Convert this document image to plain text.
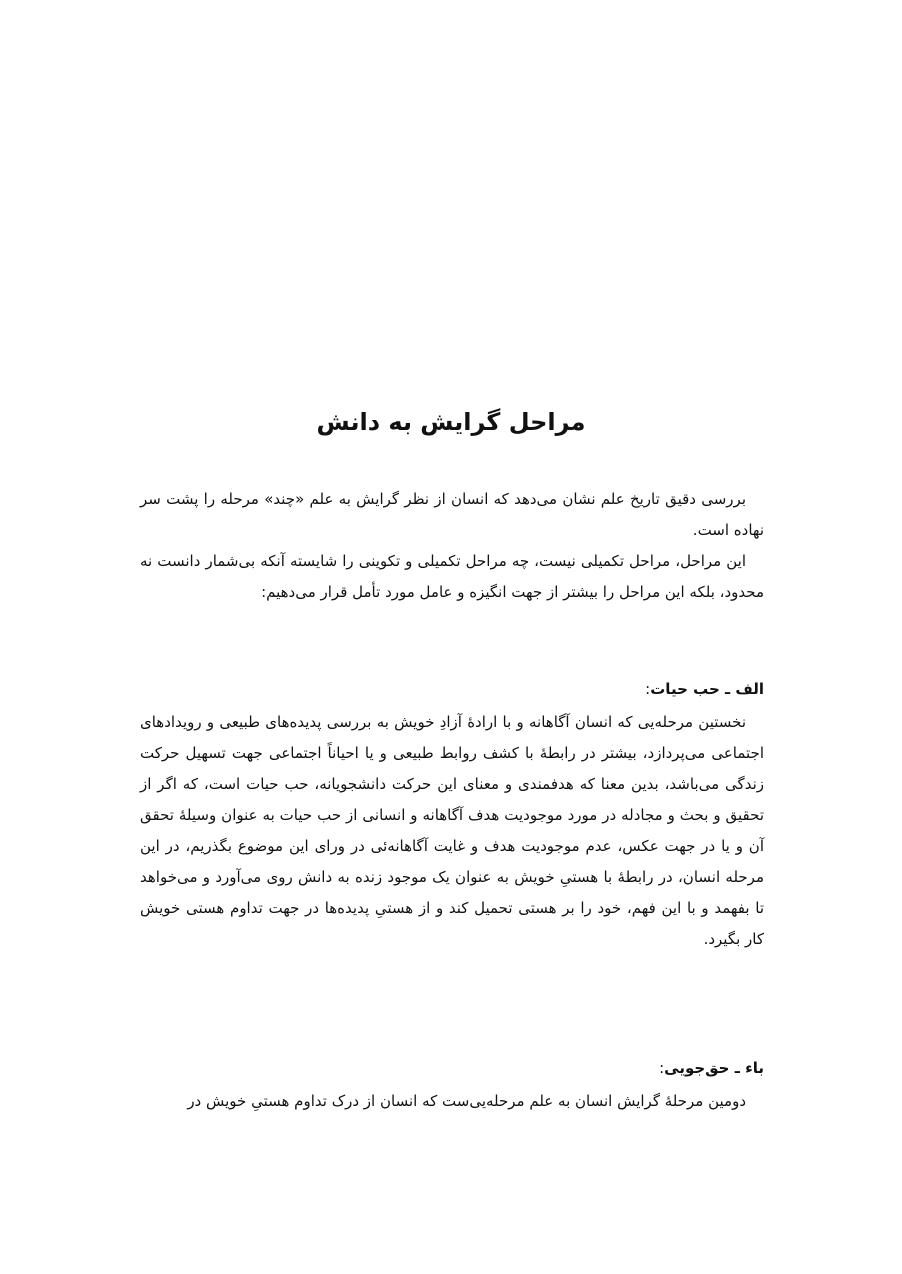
مراحل گرایش به دانش

بررسی دقیق تاریخ علم نشان می‌دهد که انسان از نظر گرایش به علم «چند» مرحله را پشت سر نهاده است.

این مراحل، مراحل تکمیلی نیست، چه مراحل تکمیلی و تکوینی را شایسته آنکه بی‌شمار دانست نه محدود، بلکه این مراحل را بیشتر از جهت انگیزه و عامل مورد تأمل قرار می‌دهیم:

الف ـ حب حیات:

نخستین مرحله‌یی که انسان آگاهانه و با ارادهٔ آزادِ خویش به بررسی پدیده‌های طبیعی و رویدادهای اجتماعی می‌پردازد، بیشتر در رابطهٔ با کشف روابط طبیعی و یا احیاناً اجتماعی جهت تسهیل حرکت زندگی می‌باشد، بدین معنا که هدفمندی و معنای این حرکت دانشجویانه، حب حیات است، که اگر از تحقیق و بحث و مجادله در مورد موجودیت هدف آگاهانه و انسانی از حب حیات به عنوان وسیلهٔ تحقق آن و یا در جهت عکس، عدم موجودیت هدف و غایت آگاهانه‌ئی در ورای این موضوع بگذریم، در این مرحله انسان، در رابطهٔ با هستیِ خویش به عنوان یک موجود زنده به دانش روی می‌آورد و می‌خواهد تا بفهمد و با این فهم، خود را بر هستی تحمیل کند و از هستیِ پدیده‌ها در جهت تداوم هستی خویش کار بگیرد.

باء ـ حق‌جویی:

دومین مرحلهٔ گرایش انسان به علم مرحله‌یی‌ست که انسان از درک تداوم هستیِ خویش در
